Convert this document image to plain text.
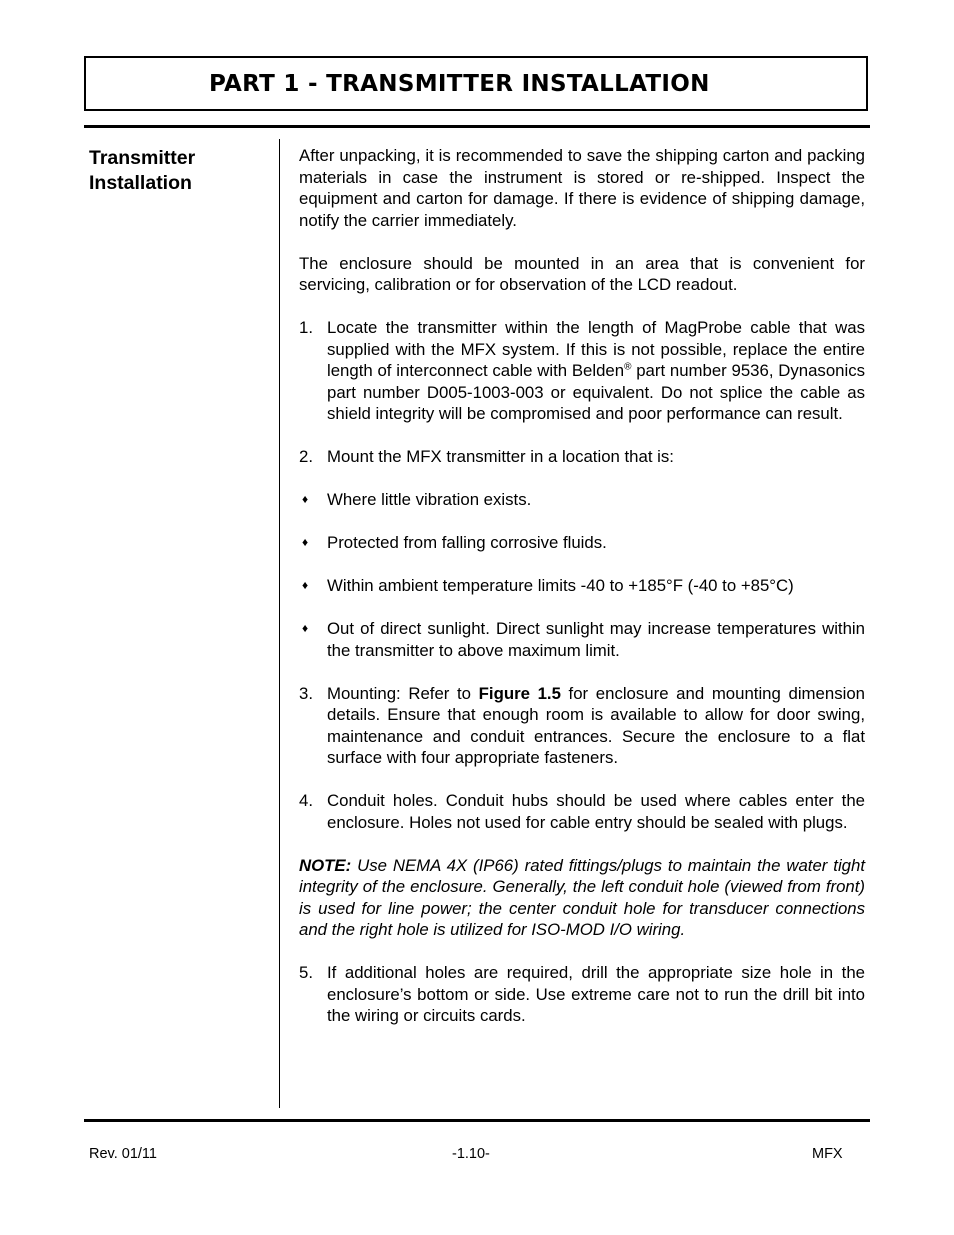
PART 1 - TRANSMITTER INSTALLATION
Transmitter
Installation

After unpacking, it is recommended to save the shipping carton and packing materials in case the instrument is stored or re-shipped. Inspect the equipment and carton for damage. If there is evidence of shipping damage, notify the carrier immediately.

The enclosure should be mounted in an area that is convenient for servicing, calibration or for observation of the LCD readout.

1. Locate the transmitter within the length of MagProbe cable that was supplied with the MFX system. If this is not possible, replace the entire length of interconnect cable with Belden® part number 9536, Dynasonics part number D005-1003-003 or equivalent. Do not splice the cable as shield integrity will be compromised and poor performance can result.
2. Mount the MFX transmitter in a location that is:
♦ Where little vibration exists.
♦ Protected from falling corrosive fluids.
♦ Within ambient temperature limits -40 to +185°F (-40 to +85°C)
♦ Out of direct sunlight. Direct sunlight may increase temperatures within the transmitter to above maximum limit.
3. Mounting: Refer to Figure 1.5 for enclosure and mounting dimension details. Ensure that enough room is available to allow for door swing, maintenance and conduit entrances. Secure the enclosure to a flat surface with four appropriate fasteners.
4. Conduit holes. Conduit hubs should be used where cables enter the enclosure. Holes not used for cable entry should be sealed with plugs.

NOTE: Use NEMA 4X (IP66) rated fittings/plugs to maintain the water tight integrity of the enclosure. Generally, the left conduit hole (viewed from front) is used for line power; the center conduit hole for transducer connections and the right hole is utilized for ISO-MOD I/O wiring.

5. If additional holes are required, drill the appropriate size hole in the enclosure’s bottom or side. Use extreme care not to run the drill bit into the wiring or circuits cards.
Rev. 01/11	-1.10-	MFX
